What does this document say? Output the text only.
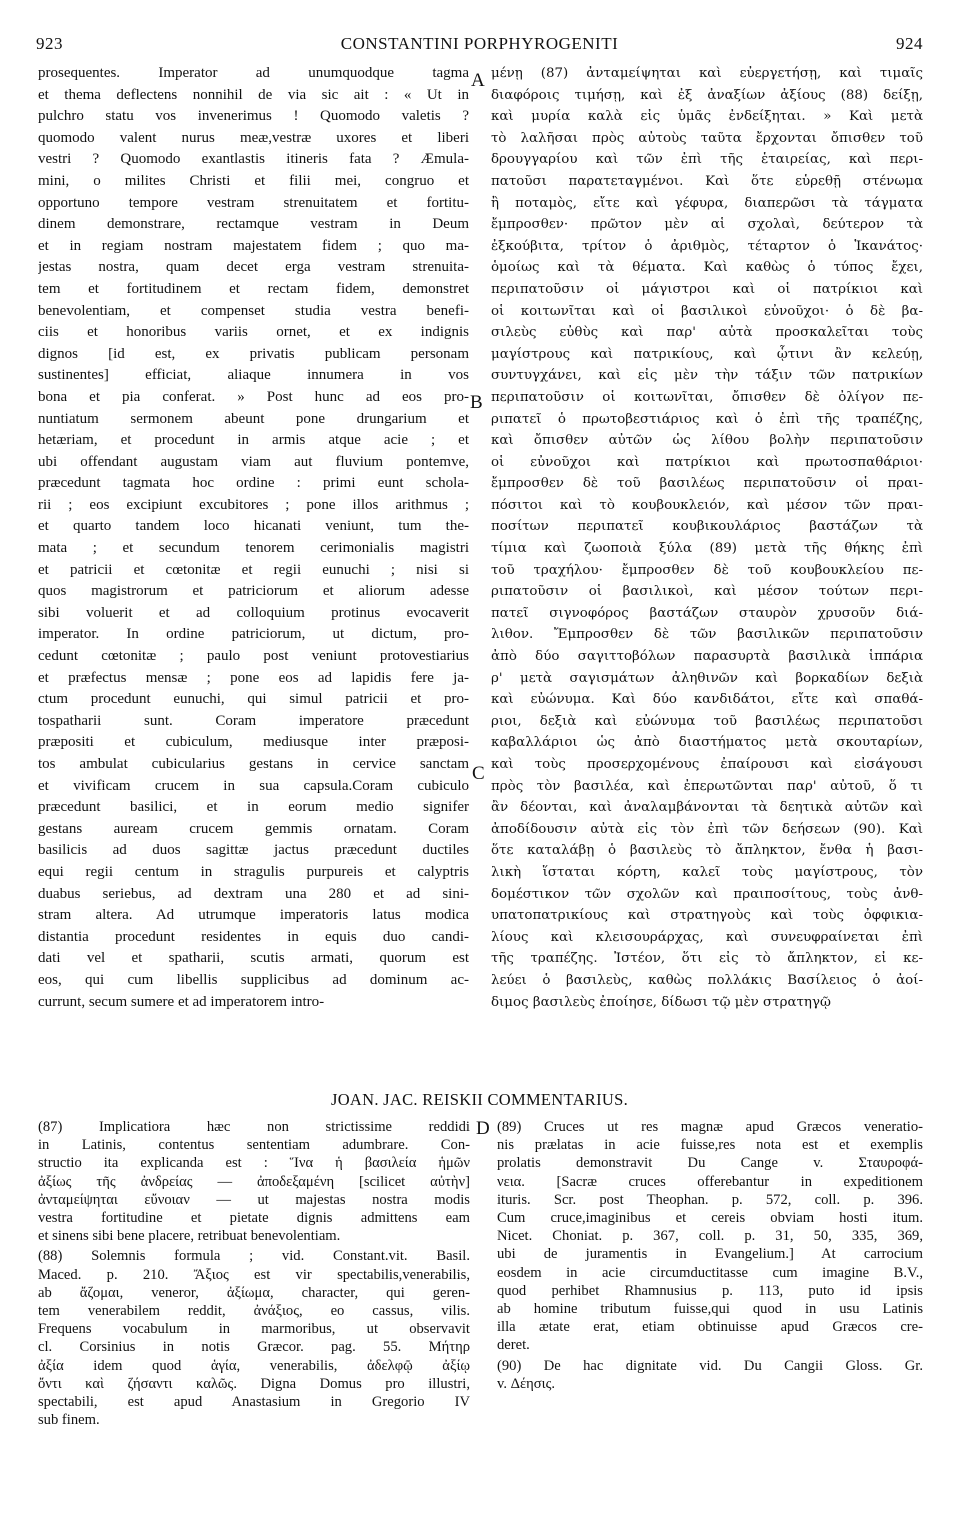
923	CONSTANTINI PORPHYROGENITI	924
prosequentes. Imperator ad unumquodque tagma
et thema deflectens nonnihil de via sic ait : « Ut in
pulchro statu vos invenerimus ! Quomodo valetis ?
quomodo valent nurus meæ,vestræ uxores et liberi
vestri ? Quomodo exantlastis itineris fata ? Æmula-
mini, o milites Christi et filii mei, congruo et
opportuno tempore vestram strenuitatem et fortitu-
dinem demonstrare, rectamque vestram in Deum
et in regiam nostram majestatem fidem ; quo ma-
jestas nostra, quam decet erga vestram strenuita-
tem et fortitudinem et rectam fidem, demonstret
benevolentiam, et compenset studia vestra benefi-
ciis et honoribus variis ornet, et ex indignis
dignos [id est, ex privatis publicam personam
sustinentes] efficiat, aliaque innumera in vos
bona et pia conferat. » Post hunc ad eos pro-
nuntiatum sermonem abeunt pone drungarium et
hetæriam, et procedunt in armis atque acie ; et
ubi offendant augustam viam aut fluvium pontemve,
præcedunt tagmata hoc ordine : primi eunt schola-
rii ; eos excipiunt excubitores ; pone illos arithmus ;
et quarto tandem loco hicanati veniunt, tum the-
mata ; et secundum tenorem cerimonialis magistri
et patricii et cœtonitæ et regii eunuchi ; nisi si
quos magistrorum et patriciorum et aliorum adesse
sibi voluerit et ad colloquium protinus evocaverit
imperator. In ordine patriciorum, ut dictum, pro-
cedunt cœtonitæ ; paulo post veniunt protovestiarius
et præfectus mensæ ; pone eos ad lapidis fere ja-
ctum procedunt eunuchi, qui simul patricii et pro-
tospatharii sunt. Coram imperatore præcedunt
præpositi et cubiculum, mediusque inter præposi-
tos ambulat cubicularius gestans in cervice sanctam
et vivificam crucem in sua capsula.Coram cubiculo
præcedunt basilici, et in eorum medio signifer
gestans auream crucem gemmis ornatam. Coram
basilicis ad duos sagittæ jactus præcedunt ductiles
equi regii centum in stragulis purpureis et calyptris
duabus seriebus, ad dextram una 280 et ad sini-
stram altera. Ad utrumque imperatoris latus modica
distantia procedunt residentes in equis duo candi-
dati vel et spatharii, scutis armati, quorum est
eos, qui cum libellis supplicibus ad dominum ac-
currunt, secum sumere et ad imperatorem intro-
μένῃ (87) ἀνταμείψηται καὶ εὐεργετήσῃ, καὶ τιμαῖς
διαφόροις τιμήσῃ, καὶ ἐξ ἀναξίων ἀξίους (88) δείξῃ,
καὶ μυρία καλὰ εἰς ὑμᾶς ἐνδείξηται. » Καὶ μετὰ
τὸ λαλῆσαι πρὸς αὐτοὺς ταῦτα ἔρχονται ὄπισθεν τοῦ
δρουγγαρίου καὶ τῶν ἐπὶ τῆς ἑταιρείας, καὶ περι-
πατοῦσι παρατεταγμένοι. Καὶ ὅτε εὑρεθῇ στένωμα
ἢ ποταμὸς, εἴτε καὶ γέφυρα, διαπερῶσι τὰ τάγματα
ἔμπροσθεν· πρῶτον μὲν αἱ σχολαὶ, δεύτερον τὰ
ἐξκούβιτα, τρίτον ὁ ἀριθμὸς, τέταρτον ὁ Ἱκανάτος·
ὁμοίως καὶ τὰ θέματα. Καὶ καθὼς ὁ τύπος ἔχει,
περιπατοῦσιν οἱ μάγιστροι καὶ οἱ πατρίκιοι καὶ
οἱ κοιτωνῖται καὶ οἱ βασιλικοὶ εὐνοῦχοι· ὁ δὲ βα-
σιλεὺς εὐθὺς καὶ παρ' αὐτὰ προσκαλεῖται τοὺς
μαγίστρους καὶ πατρικίους, καὶ ᾧτινι ἂν κελεύῃ,
συντυγχάνει, καὶ εἰς μὲν τὴν τάξιν τῶν πατρικίων
περιπατοῦσιν οἱ κοιτωνῖται, ὄπισθεν δὲ ὀλίγον πε-
ριπατεῖ ὁ πρωτοβεστιάριος καὶ ὁ ἐπὶ τῆς τραπέζης,
καὶ ὄπισθεν αὐτῶν ὡς λίθου βολὴν περιπατοῦσιν
οἱ εὐνοῦχοι καὶ πατρίκιοι καὶ πρωτοσπαθάριοι·
ἔμπροσθεν δὲ τοῦ βασιλέως περιπατοῦσιν οἱ πραι-
πόσιτοι καὶ τὸ κουβουκλειόν, καὶ μέσον τῶν πραι-
ποσίτων περιπατεῖ κουβικουλάριος βαστάζων τὰ
τίμια καὶ ζωοποιὰ ξύλα (89) μετὰ τῆς θήκης ἐπὶ
τοῦ τραχήλου· ἔμπροσθεν δὲ τοῦ κουβουκλείου πε-
ριπατοῦσιν οἱ βασιλικοὶ, καὶ μέσον τούτων περι-
πατεῖ σιγνοφόρος βαστάζων σταυρὸν χρυσοῦν διά-
λιθον. Ἔμπροσθεν δὲ τῶν βασιλικῶν περιπατοῦσιν
ἀπὸ δύο σαγιττοβόλων παρασυρτὰ βασιλικὰ ἱππάρια
ρ' μετὰ σαγισμάτων ἀληθινῶν καὶ βορκαδίων δεξιὰ
καὶ εὐώνυμα. Καὶ δύο κανδιδάτοι, εἴτε καὶ σπαθά-
ριοι, δεξιὰ καὶ εὐώνυμα τοῦ βασιλέως περιπατοῦσι
καβαλλάριοι ὡς ἀπὸ διαστήματος μετὰ σκουταρίων,
καὶ τοὺς προσερχομένους ἐπαίρουσι καὶ εἰσάγουσι
πρὸς τὸν βασιλέα, καὶ ἐπερωτῶνται παρ' αὐτοῦ, ὅ τι
ἂν δέονται, καὶ ἀναλαμβάνονται τὰ δεητικὰ αὐτῶν καὶ
ἀποδίδουσιν αὐτὰ εἰς τὸν ἐπὶ τῶν δεήσεων (90). Καὶ
ὅτε καταλάβῃ ὁ βασιλεὺς τὸ ἄπληκτον, ἔνθα ἡ βασι-
λικὴ ἵσταται κόρτη, καλεῖ τοὺς μαγίστρους, τὸν
δομέστικον τῶν σχολῶν καὶ πραιποσίτους, τοὺς ἀνθ-
υπατοπατρικίους καὶ στρατηγοὺς καὶ τοὺς ὀφφικια-
λίους καὶ κλεισουράρχας, καὶ συνευφραίνεται ἐπὶ
τῆς τραπέζης. Ἰστέον, ὅτι εἰς τὸ ἄπληκτον, εἰ κε-
λεύει ὁ βασιλεὺς, καθὼς πολλάκις Βασίλειος ὁ ἀοί-
διμος βασιλεὺς ἐποίησε, δίδωσι τῷ μὲν στρατηγῷ
A
B
C
D
JOAN. JAC. REISKII COMMENTARIUS.
(87) Implicatiora hæc non strictissime reddidi
in Latinis, contentus sententiam adumbrare. Con-
structio ita explicanda est : Ἵνα ἡ βασιλεία ἡμῶν
ἀξίως τῆς ἀνδρείας — ἀποδεξαμένη [scilicet αὐτὴν]
ἀνταμείψηται εὔνοιαν — ut majestas nostra modis
vestra fortitudine et pietate dignis admittens eam
et sinens sibi bene placere, retribuat benevolentiam.
(88) Solemnis formula ; vid. Constant.vit. Basil.
Maced. p. 210. Ἄξιος est vir spectabilis,venerabilis,
ab ἄζομαι, veneror, ἀξίωμα, character, qui geren-
tem venerabilem reddit, ἀνάξιος, eo cassus, vilis.
Frequens vocabulum in marmoribus, ut observavit
cl. Corsinius in notis Græcor. pag. 55. Μήτηρ
ἀξία idem quod ἁγία, venerabilis, ἀδελφῷ ἀξίῳ
ὄντι καὶ ζήσαντι καλῶς. Digna Domus pro illustri,
spectabili, est apud Anastasium in Gregorio IV
sub finem.
(89) Cruces ut res magnæ apud Græcos veneratio-
nis prælatas in acie fuisse,res nota est et exemplis
prolatis demonstravit Du Cange v. Σταυροφά-
νεια. [Sacræ cruces offerebantur in expeditionem
ituris. Scr. post Theophan. p. 572, coll. p. 396.
Cum cruce,imaginibus et cereis obviam hosti itum.
Nicet. Choniat. p. 367, coll. p. 31, 50, 335, 369,
ubi de juramentis in Evangelium.] At carrocium
eosdem in acie circumductitasse cum imagine B.V.,
quod perhibet Rhamnusius p. 113, puto id ipsis
ab homine tributum fuisse,qui quod in usu Latinis
illa ætate erat, etiam obtinuisse apud Græcos cre-
deret.
(90) De hac dignitate vid. Du Cangii Gloss. Gr.
v. Δέησις.
